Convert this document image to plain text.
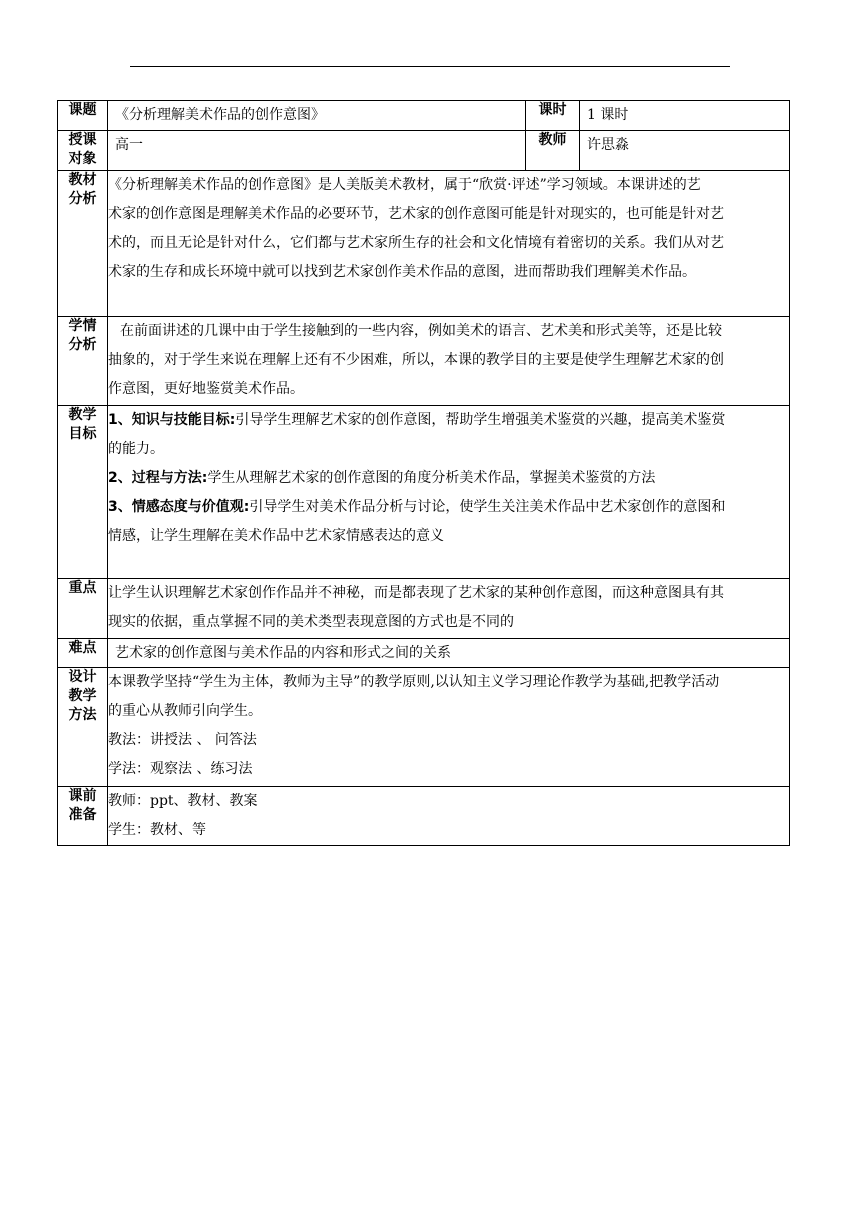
课题	《分析理解美术作品的创作意图》	课时	1 课时

授课
对象	高一	教师	许思淼

教材
分析	《分析理解美术作品的创作意图》是人美版美术教材，属于“欣赏·评述”学习领域。本课讲述的艺
术家的创作意图是理解美术作品的必要环节，艺术家的创作意图可能是针对现实的，也可能是针对艺
术的，而且无论是针对什么，它们都与艺术家所生存的社会和文化情境有着密切的关系。我们从对艺
术家的生存和成长环境中就可以找到艺术家创作美术作品的意图，进而帮助我们理解美术作品。		

学情
分析	在前面讲述的几课中由于学生接触到的一些内容，例如美术的语言、艺术美和形式美等，还是比较
抽象的，对于学生来说在理解上还有不少困难，所以，本课的教学目的主要是使学生理解艺术家的创
作意图，更好地鉴赏美术作品。		

教学
目标	1、知识与技能目标:引导学生理解艺术家的创作意图，帮助学生增强美术鉴赏的兴趣，提高美术鉴赏
的能力。
2、过程与方法:学生从理解艺术家的创作意图的角度分析美术作品，掌握美术鉴赏的方法
3、情感态度与价值观:引导学生对美术作品分析与讨论，使学生关注美术作品中艺术家创作的意图和
情感，让学生理解在美术作品中艺术家情感表达的意义		

重点	让学生认识理解艺术家创作作品并不神秘，而是都表现了艺术家的某种创作意图，而这种意图具有其
现实的依据，重点掌握不同的美术类型表现意图的方式也是不同的		

难点	艺术家的创作意图与美术作品的内容和形式之间的关系		

设计
教学
方法	本课教学坚持“学生为主体，教师为主导”的教学原则,以认知主义学习理论作教学为基础,把教学活动
的重心从教师引向学生。
教法：讲授法 、 问答法
学法：观察法 、练习法		

课前
准备	教师：ppt、教材、教案
学生：教材、等		
